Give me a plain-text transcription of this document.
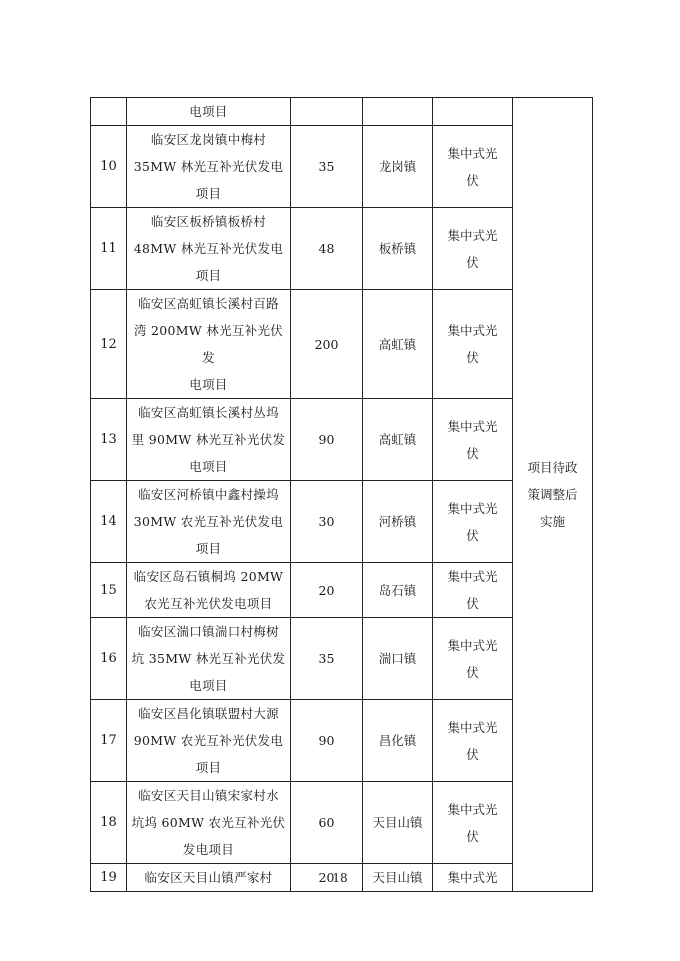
	电项目				项目待政
策调整后
实施
10	临安区龙岗镇中梅村
35MW 林光互补光伏发电
项目	35	龙岗镇	集中式光
伏	
11	临安区板桥镇板桥村
48MW 林光互补光伏发电
项目	48	板桥镇	集中式光
伏	
12	临安区高虹镇长溪村百路
湾 200MW 林光互补光伏发
电项目	200	高虹镇	集中式光
伏	
13	临安区高虹镇长溪村丛坞
里 90MW 林光互补光伏发
电项目	90	高虹镇	集中式光
伏	
14	临安区河桥镇中鑫村操坞
30MW 农光互补光伏发电
项目	30	河桥镇	集中式光
伏	
15	临安区岛石镇桐坞 20MW
农光互补光伏发电项目	20	岛石镇	集中式光
伏	
16	临安区湍口镇湍口村梅树
坑 35MW 林光互补光伏发
电项目	35	湍口镇	集中式光
伏	
17	临安区昌化镇联盟村大源
90MW 农光互补光伏发电
项目	90	昌化镇	集中式光
伏	
18	临安区天目山镇宋家村水
坑坞 60MW 农光互补光伏
发电项目	60	天目山镇	集中式光
伏	
19	临安区天目山镇严家村	20	天目山镇	集中式光	
18
